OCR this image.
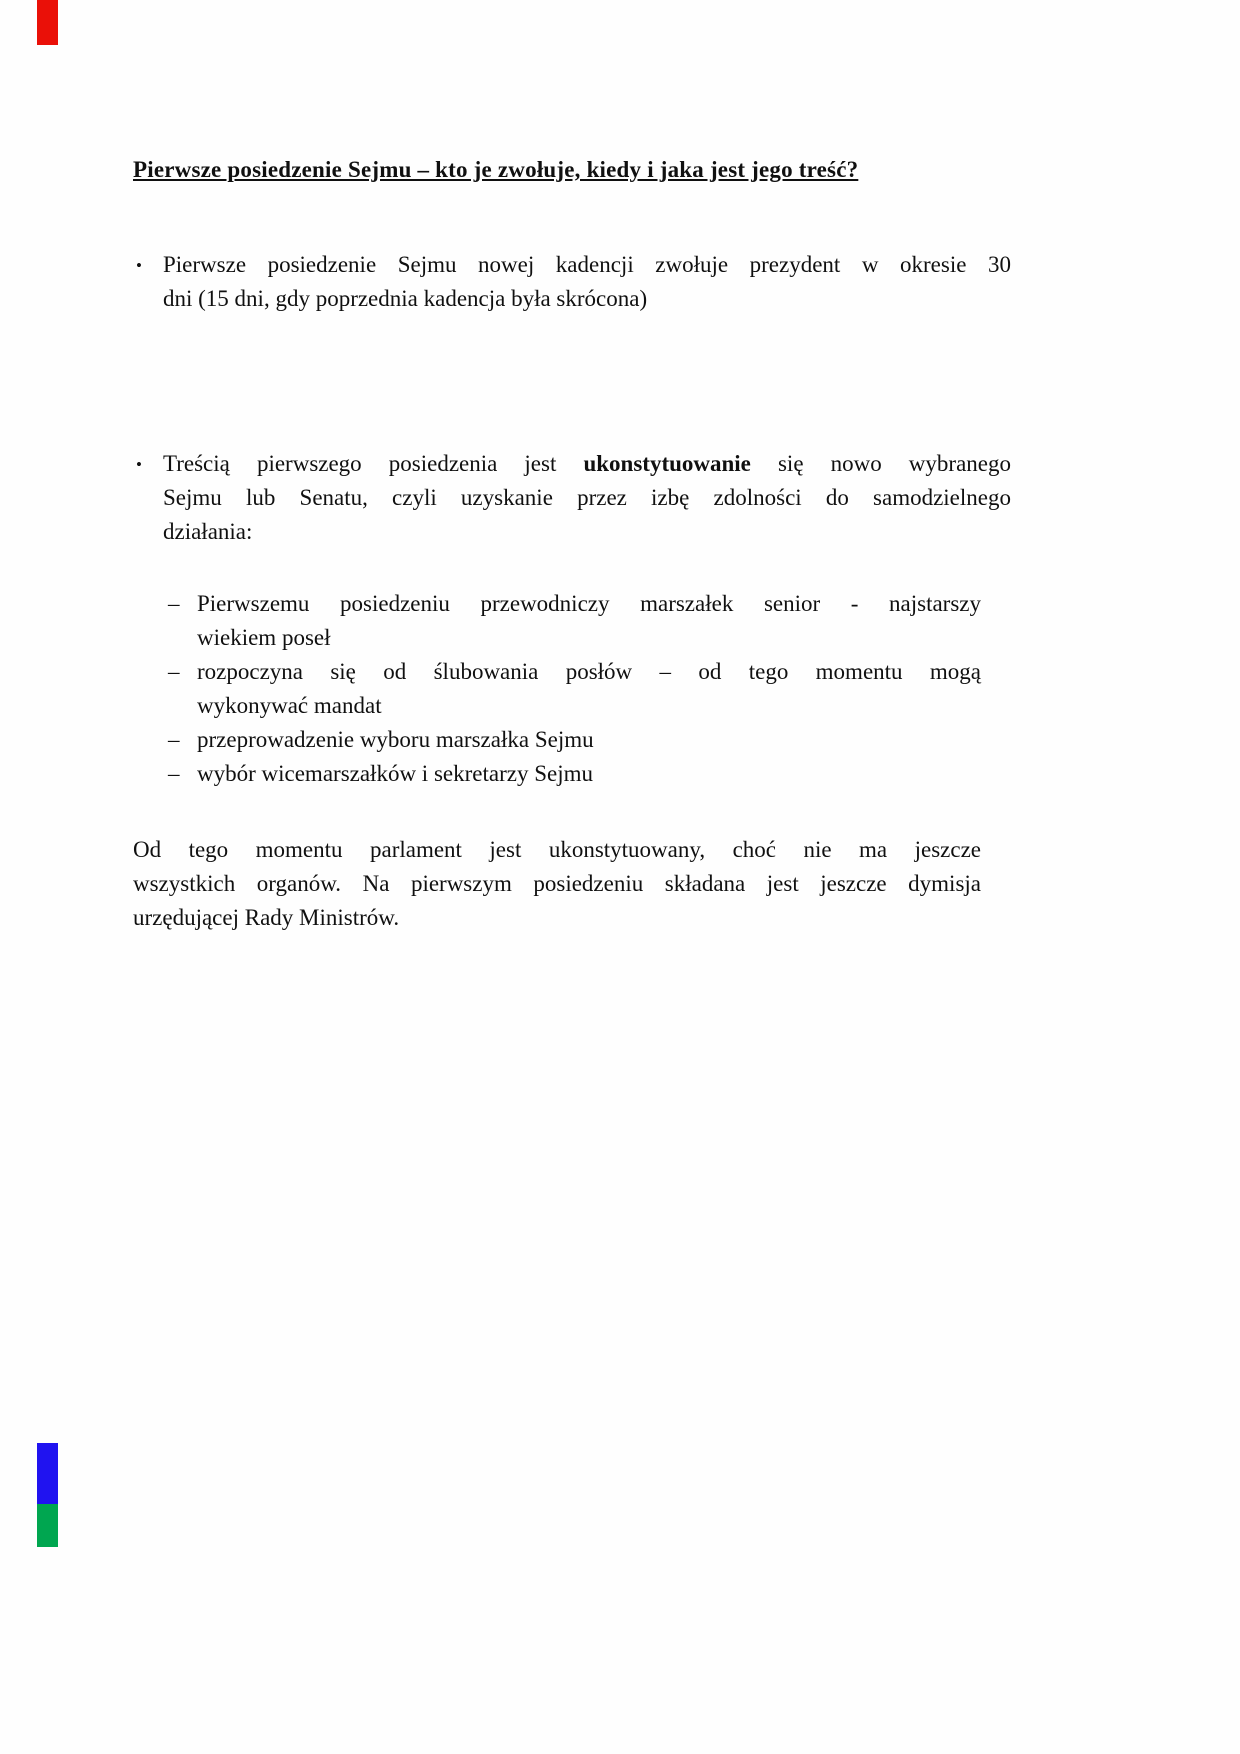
Pierwsze posiedzenie Sejmu – kto je zwołuje, kiedy i jaka jest jego treść?
• Pierwsze posiedzenie Sejmu nowej kadencji zwołuje prezydent w okresie 30
dni (15 dni, gdy poprzednia kadencja była skrócona)
• Treścią pierwszego posiedzenia jest ukonstytuowanie się nowo wybranego
Sejmu lub Senatu, czyli uzyskanie przez izbę zdolności do samodzielnego
działania:
– Pierwszemu posiedzeniu przewodniczy marszałek senior - najstarszy
wiekiem poseł
– rozpoczyna się od ślubowania posłów – od tego momentu mogą
wykonywać mandat
– przeprowadzenie wyboru marszałka Sejmu
– wybór wicemarszałków i sekretarzy Sejmu
Od tego momentu parlament jest ukonstytuowany, choć nie ma jeszcze
wszystkich organów. Na pierwszym posiedzeniu składana jest jeszcze dymisja
urzędującej Rady Ministrów.
